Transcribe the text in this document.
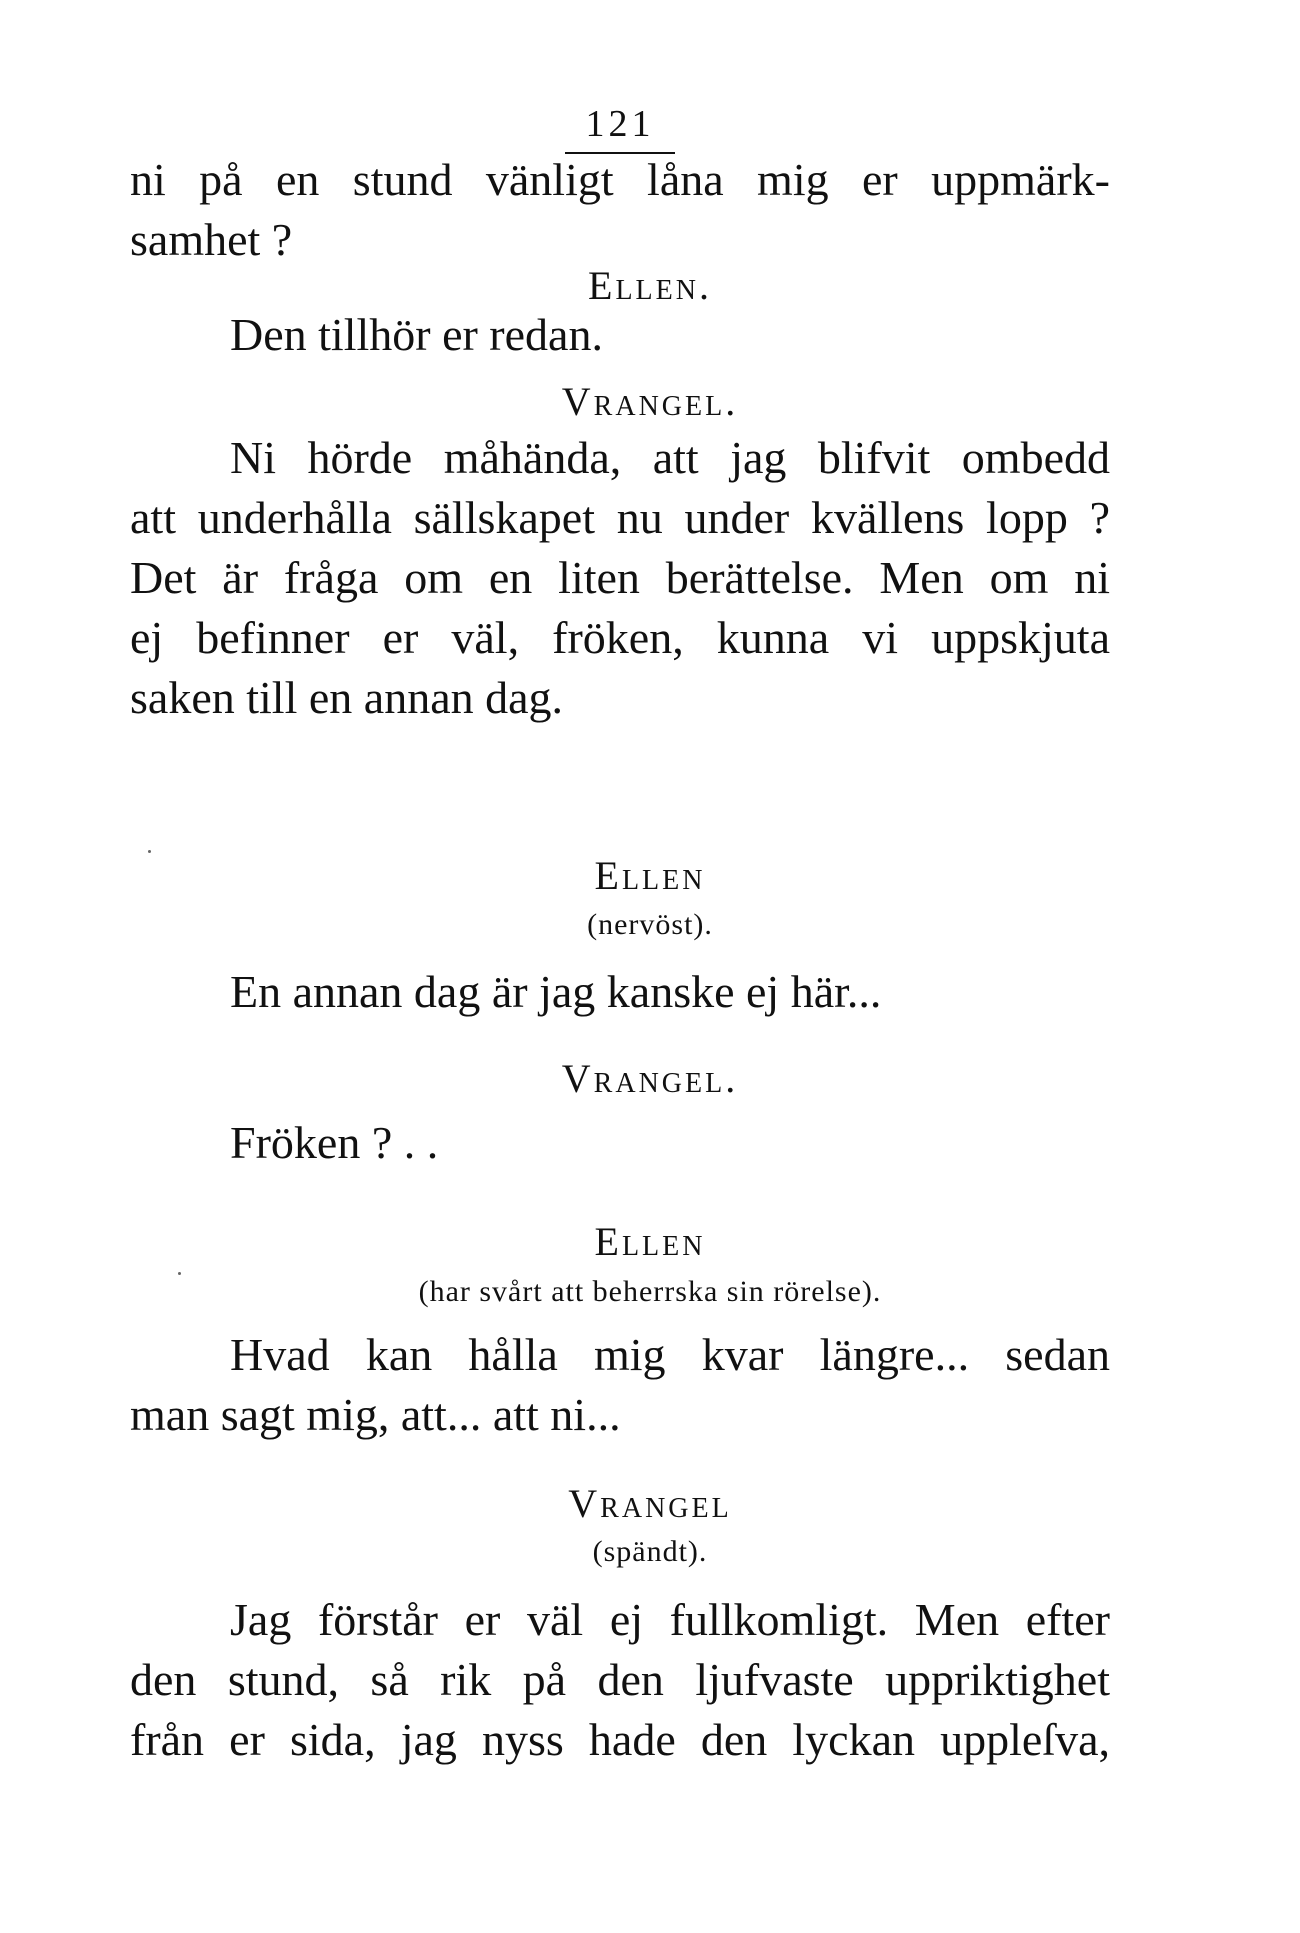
121
ni på en stund vänligt låna mig er uppmärk-
samhet ?
Ellen.
Den tillhör er redan.
Vrangel.
Ni hörde måhända, att jag blifvit ombedd
att underhålla sällskapet nu under kvällens lopp ?
Det är fråga om en liten berättelse. Men om ni
ej befinner er väl, fröken, kunna vi uppskjuta
saken till en annan dag.
Ellen
(nervöst).
En annan dag är jag kanske ej här...
Vrangel.
Fröken ? . .
Ellen
(har svårt att beherrska sin rörelse).
Hvad kan hålla mig kvar längre... sedan
man sagt mig, att... att ni...
Vrangel
(spändt).
Jag förstår er väl ej fullkomligt. Men efter
den stund, så rik på den ljufvaste uppriktighet
från er sida, jag nyss hade den lyckan uppleſva,
